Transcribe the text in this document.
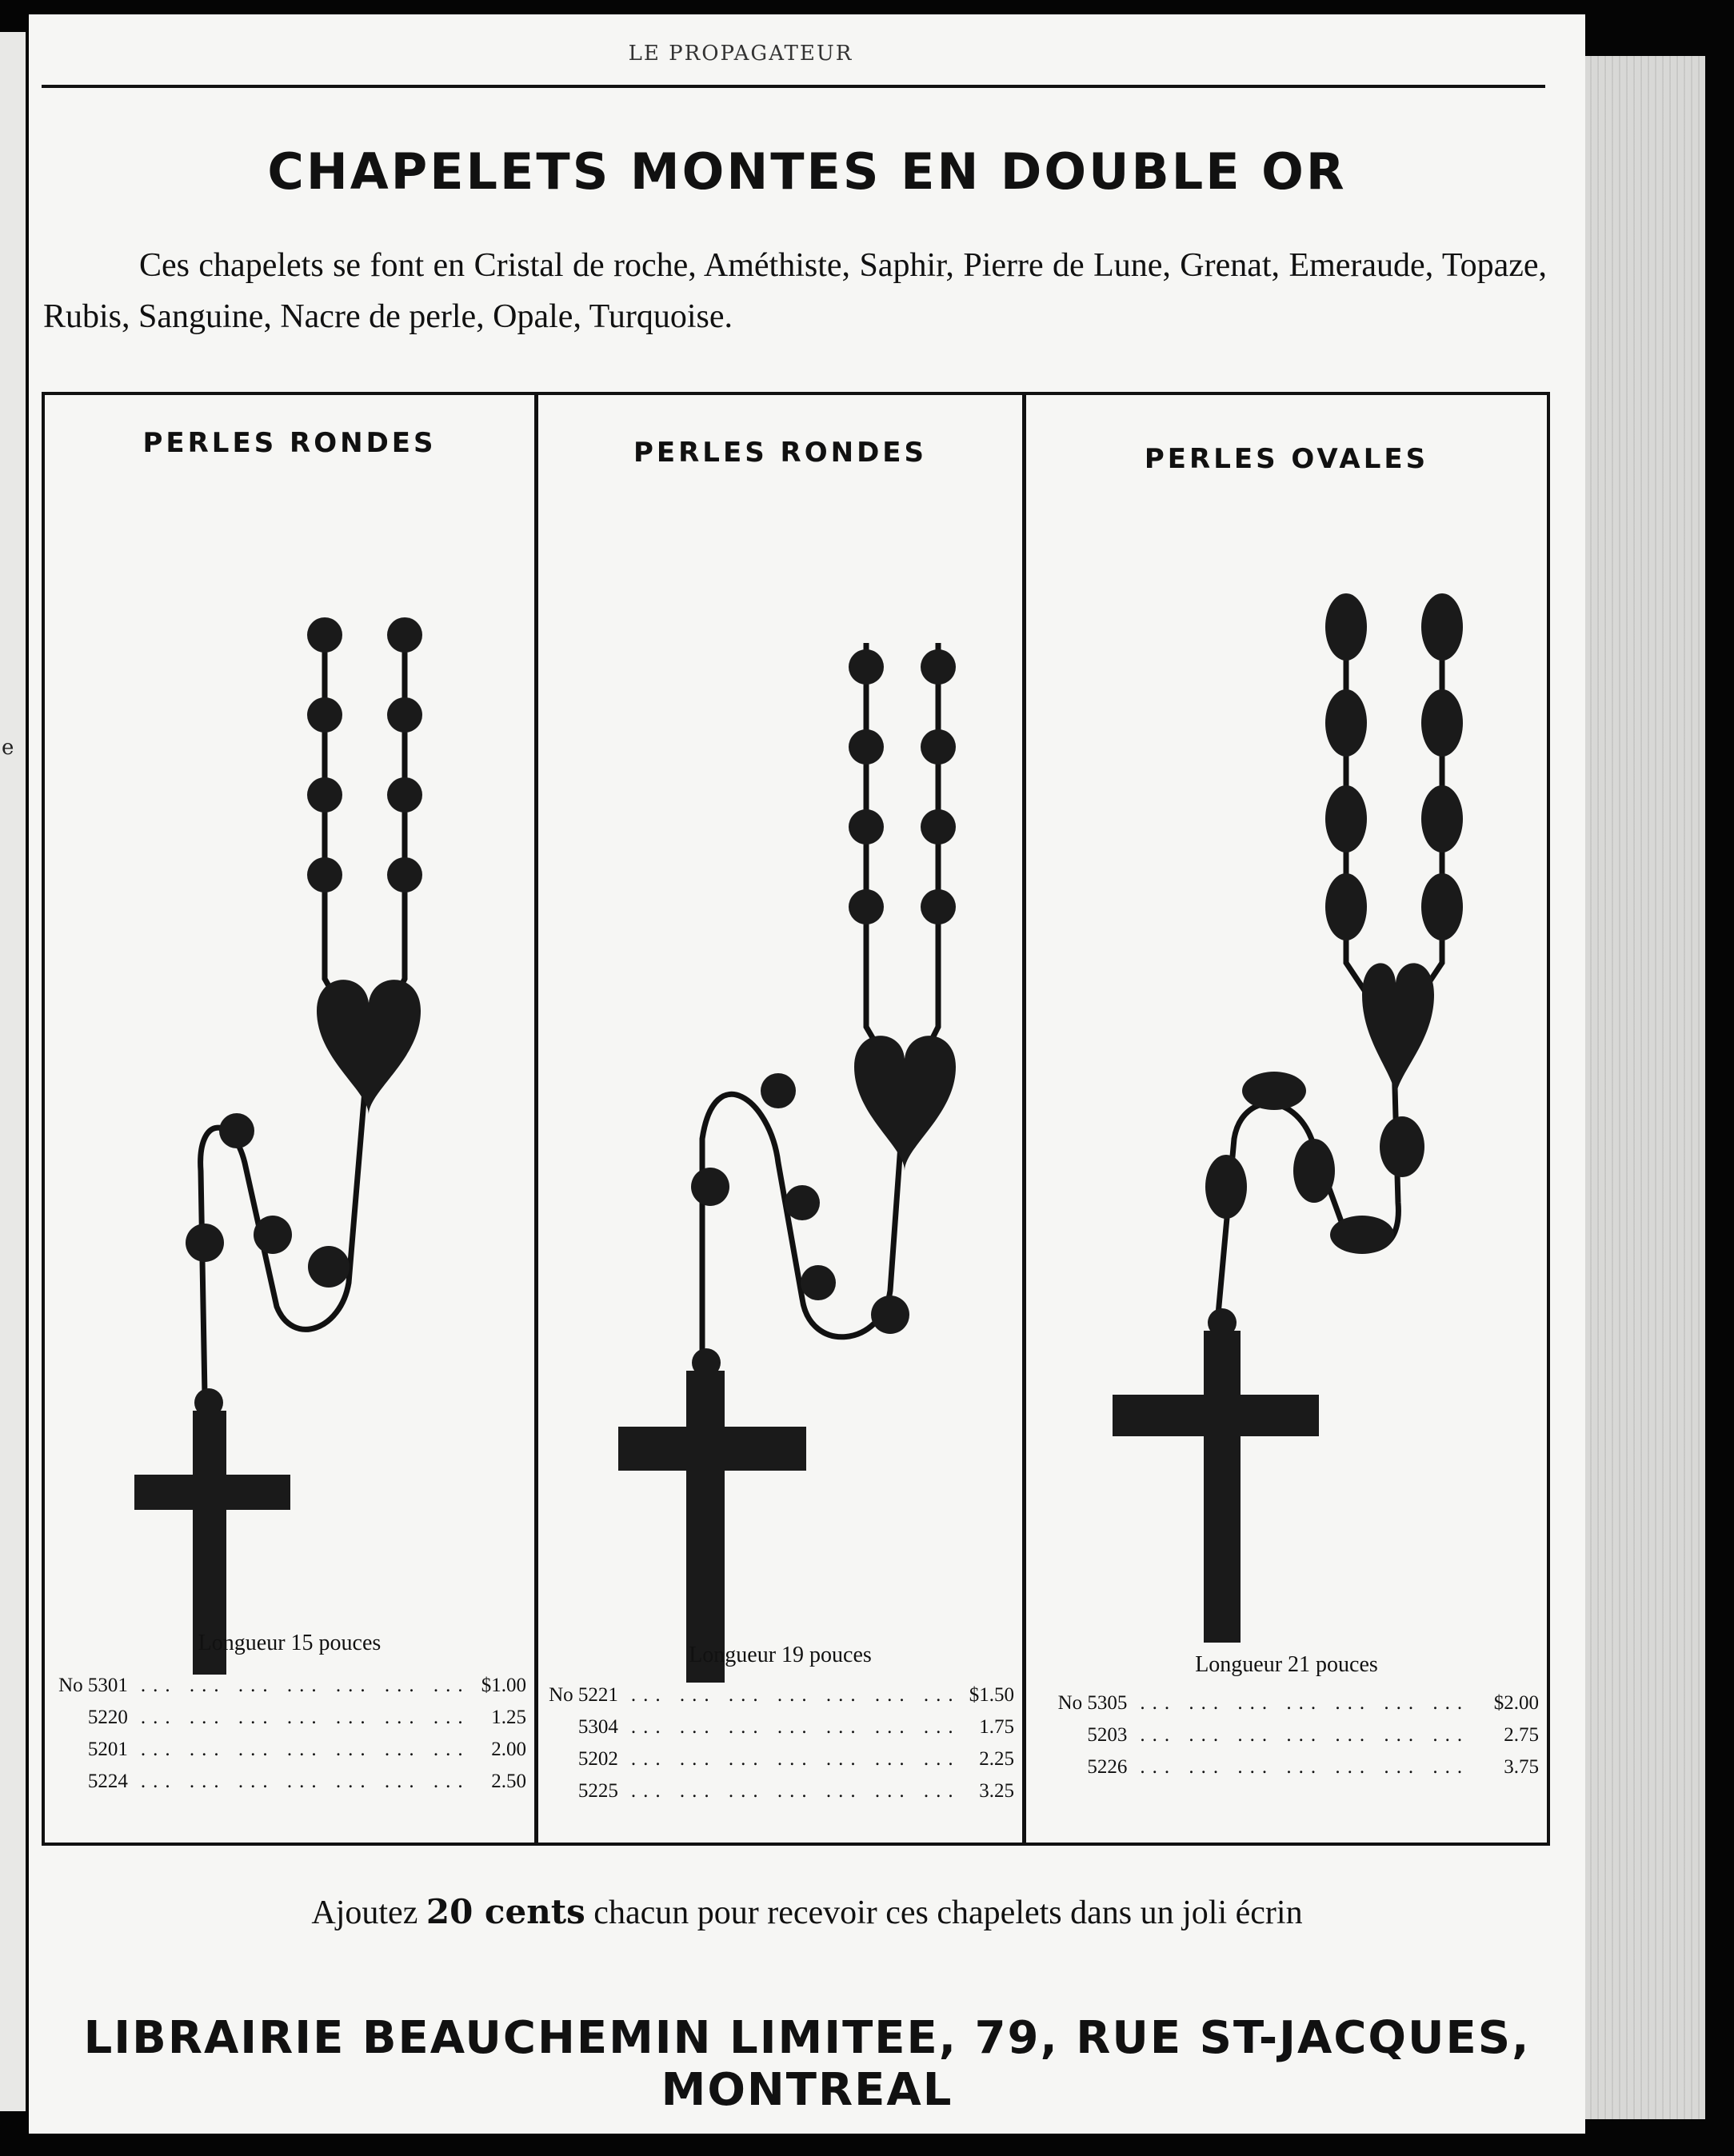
e
LE PROPAGATEUR
CHAPELETS MONTES EN DOUBLE OR
Ces chapelets se font en Cristal de roche, Améthiste, Saphir, Pierre de Lune, Grenat, Emeraude, Topaze, Rubis, Sanguine, Nacre de perle, Opale, Turquoise.
PERLES RONDES
Longueur 15 pouces
No 5301 ... ... ... ... ... ... ... $1.00
5220 ... ... ... ... ... ... ...	1.25
5201 ... ... ... ... ... ... ...	2.00
5224 ... ... ... ... ... ... ...	2.50
PERLES RONDES
Longueur 19 pouces
No 5221 ... ... ... ... ... ... ... $1.50
5304 ... ... ... ... ... ... ... 1.75
5202 ... ... ... ... ... ... ... 2.25
5225 ... ... ... ... ... ... ... 3.25
PERLES OVALES
Longueur 21 pouces
No 5305 ... ... ... ... ... ... ...	$2.00
5203 ... ... ... ... ... ... ...	2.75
5226 ... ... ... ... ... ... ...	3.75
Ajoutez 20 cents chacun pour recevoir ces chapelets dans un joli écrin
LIBRAIRIE BEAUCHEMIN LIMITEE, 79, RUE ST-JACQUES, MONTREAL
